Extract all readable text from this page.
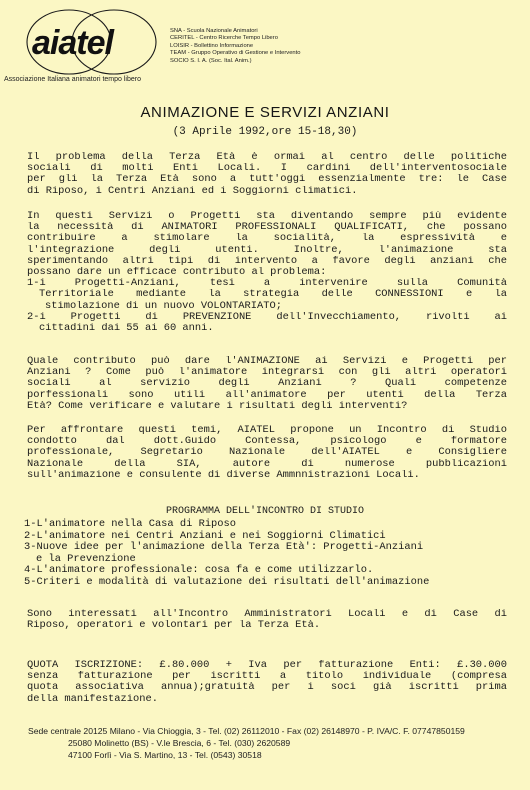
aiatel
Associazione Italiana animatori tempo libero
SNA - Scuola Nazionale Animatori
CERITEL - Centro Ricerche Tempo Libero
LOISIR - Bollettino Informazione
TEAM - Gruppo Operativo di Gestione e Intervento
SOCIO S. I. A. (Soc. Ital. Anim.)
ANIMAZIONE E SERVIZI ANZIANI
(3 Aprile 1992,ore 15-18,30)
Il problema della Terza Età è ormai al centro delle politiche
sociali di molti Enti Locali. I cardini dell'interventosociale
per gli la Terza Età sono a tutt'oggi essenzialmente tre: le Case
di Riposo, i Centri Anziani ed i Soggiorni climatici.
In questi Servizi o Progetti sta diventando sempre più evidente
la necessità di ANIMATORI PROFESSIONALI QUALIFICATI, che possano
contribuire a stimolare la socialità, la espressività e
l'integrazione degli utenti. Inoltre, l'animazione sta
sperimentando altri tipi di intervento a favore degli anziani che
possano dare un efficace contributo al problema:
1-i Progetti-Anziani, tesi a intervenire sulla Comunità
Territoriale mediante la strategia delle CONNESSIONI e la
stimolazione di un nuovo VOLONTARIATO;
2-i Progetti di PREVENZIONE dell'Invecchiamento, rivolti ai
cittadini dai 55 ai 60 anni.
Quale contributo può dare l'ANIMAZIONE ai Servizi e Progetti per
Anziani ? Come può l'animatore integrarsi con gli altri operatori
sociali al servizio degli Anziani ? Quali competenze
porfessionali sono utili all'animatore per utenti della Terza
Età? Come verificare e valutare i risultati degli interventi?
Per affrontare questi temi, AIATEL propone un Incontro di Studio
condotto dal dott.Guido Contessa, psicologo e formatore
professionale, Segretario Nazionale dell'AIATEL e Consigliere
Nazionale della SIA, autore di numerose pubblicazioni
sull'animazione e consulente di diverse Ammnnistrazioni Locali.
PROGRAMMA DELL'INCONTRO DI STUDIO
1-L'animatore nella Casa di Riposo
2-L'animatore nei Centri Anziani e nei Soggiorni Climatici
3-Nuove idee per l'animazione della Terza Età': Progetti-Anziani
e la Prevenzione
4-L'animatore professionale: cosa fa e come utilizzarlo.
5-Criteri e modalità di valutazione dei risultati dell'animazione
Sono interessati all'Incontro Amministratori Locali e di Case di
Riposo, operatori e volontari per la Terza Età.
QUOTA ISCRIZIONE: £.80.000 + Iva per fatturazione Enti: £.30.000
senza fatturazione per iscritti a titolo individuale (compresa
quota associativa annua);gratuità per i soci già iscritti prima
della manifestazione.
Sede centrale 20125 Milano - Via Chioggia, 3 - Tel. (02) 26112010 - Fax (02) 26148970 - P. IVA/C. F. 07747850159
25080 Molinetto (BS) - V.le Brescia, 6 - Tel. (030) 2620589
47100 Forlì - Via S. Martino, 13 - Tel. (0543) 30518
